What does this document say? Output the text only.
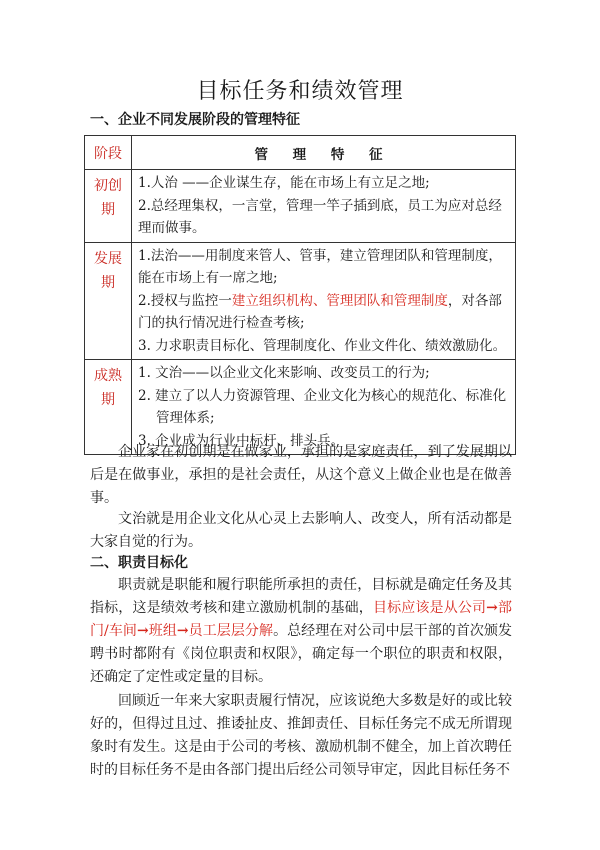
目标任务和绩效管理
一、企业不同发展阶段的管理特征
阶段	管 理 特 征

初创期	1.人治 ——企业谋生存，能在市场上有立足之地;

2.总经理集权，一言堂，管理一竿子插到底，员工为应对总经理而做事。

发展期	1.法治——用制度来管人、管事，建立管理团队和管理制度，能在市场上有一席之地;

2.授权与监控一建立组织机构、管理团队和管理制度，对各部门的执行情况进行检查考核;

3. 力求职责目标化、管理制度化、作业文件化、绩效激励化。

成熟期	1. 文治——以企业文化来影响、改变员工的行为;

2. 建立了以人力资源管理、企业文化为核心的规范化、标准化管理体系;

3. 企业成为行业中标杆、排头兵。

企业家在初创期是在做家业，承担的是家庭责任，到了发展期以后是在做事业，承担的是社会责任，从这个意义上做企业也是在做善事。

文治就是用企业文化从心灵上去影响人、改变人，所有活动都是大家自觉的行为。

二、职责目标化

职责就是职能和履行职能所承担的责任，目标就是确定任务及其指标，这是绩效考核和建立激励机制的基础，目标应该是从公司→部门/车间→班组→员工层层分解。总经理在对公司中层干部的首次颁发聘书时都附有《岗位职责和权限》，确定每一个职位的职责和权限，还确定了定性或定量的目标。

回顾近一年来大家职责履行情况，应该说绝大多数是好的或比较好的，但得过且过、推诿扯皮、推卸责任、目标任务完不成无所谓现象时有发生。这是由于公司的考核、激励机制不健全，加上首次聘任时的目标任务不是由各部门提出后经公司领导审定，因此目标任务不
